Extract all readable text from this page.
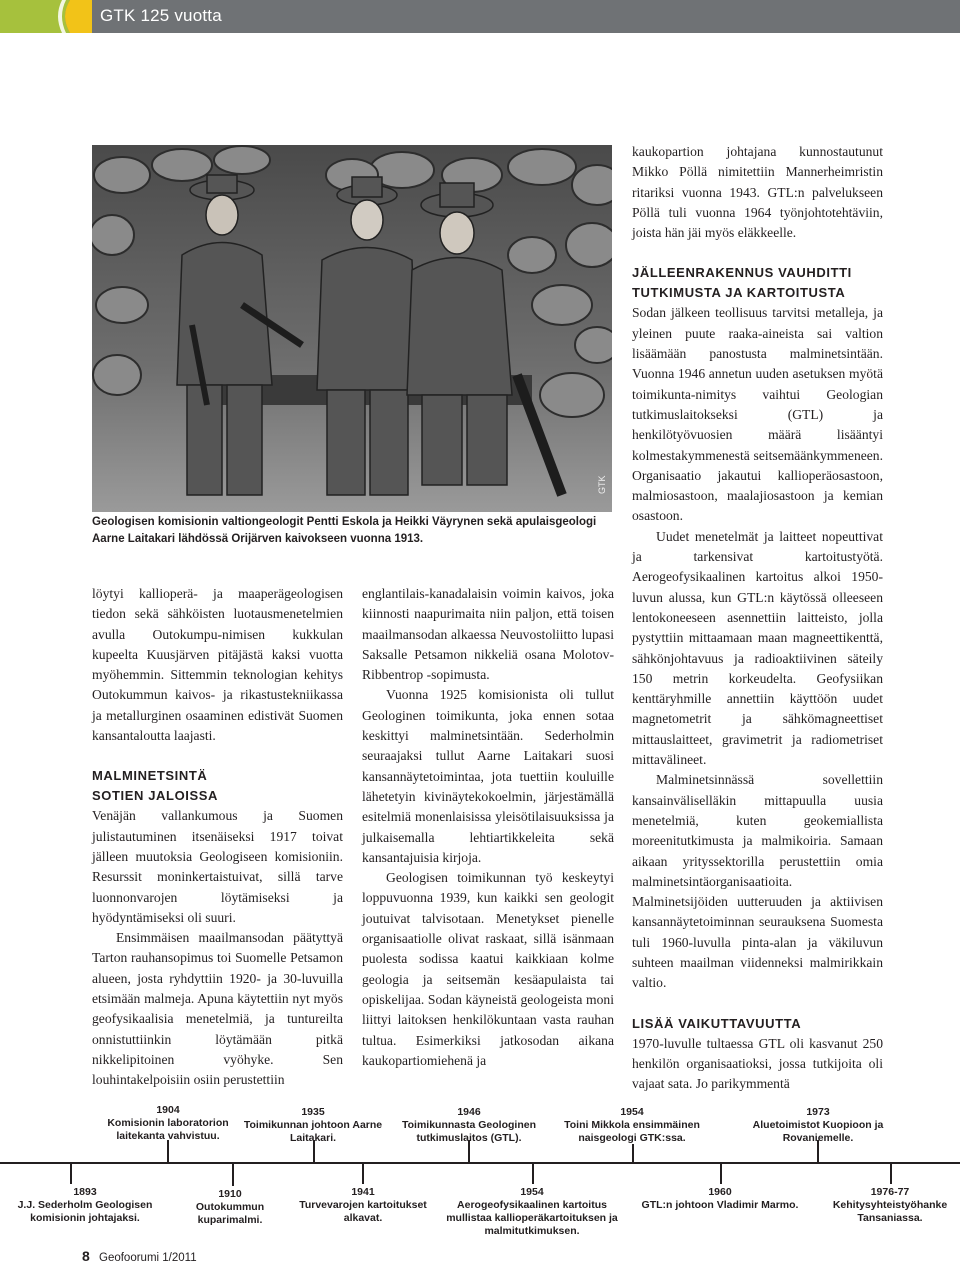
GTK 125 vuotta
GTK
Geologisen komisionin valtiongeologit Pentti Eskola ja Heikki Väyrynen sekä apulaisgeologi Aarne Laitakari lähdössä Orijärven kaivokseen vuonna 1913.

löytyi kallioperä- ja maaperägeologisen tiedon sekä sähköisten luotausmenetelmien avulla Outokumpu-nimisen kukkulan kupeelta Kuusjärven pitäjästä kaksi vuotta myöhemmin. Sittemmin teknologian kehitys Outokummun kaivos- ja rikastustekniikassa ja metallurginen osaaminen edistivät Suomen kansantaloutta laajasti.

MALMINETSINTÄ
SOTIEN JALOISSA

Venäjän vallankumous ja Suomen julistautuminen itsenäiseksi 1917 toivat jälleen muutoksia Geologiseen komisioniin. Resurssit moninkertaistuivat, sillä tarve luonnonvarojen löytämiseksi ja hyödyntämiseksi oli suuri.

Ensimmäisen maailmansodan päätyttyä Tarton rauhansopimus toi Suomelle Petsamon alueen, josta ryhdyttiin 1920- ja 30-luvuilla etsimään malmeja. Apuna käytettiin nyt myös geofysikaalisia menetelmiä, ja tuntureilta onnistuttiinkin löytämään pitkä nikkelipitoinen vyöhyke. Sen louhintakelpoisiin osiin perustettiin

englantilais-kanadalaisin voimin kaivos, joka kiinnosti naapurimaita niin paljon, että toisen maailmansodan alkaessa Neuvostoliitto lupasi Saksalle Petsamon nikkeliä osana Molotov-Ribbentrop -sopimusta.

Vuonna 1925 komisionista oli tullut Geologinen toimikunta, joka ennen sotaa keskittyi malminetsintään. Sederholmin seuraajaksi tullut Aarne Laitakari suosi kansannäytetoimintaa, jota tuettiin kouluille lähetetyin kivinäytekokoelmin, järjestämällä esitelmiä monenlaisissa yleisötilaisuuksissa ja julkaisemalla lehtiartikkeleita sekä kansantajuisia kirjoja.

Geologisen toimikunnan työ keskeytyi loppuvuonna 1939, kun kaikki sen geologit joutuivat talvisotaan. Menetykset pienelle organisaatiolle olivat raskaat, sillä isänmaan puolesta sodissa kaatui kaikkiaan kolme geologia ja seitsemän kesäapulaista tai opiskelijaa. Sodan käyneistä geologeista moni liittyi laitoksen henkilökuntaan vasta rauhan tultua. Esimerkiksi jatkosodan aikana kaukopartiomiehenä ja

kaukopartion johtajana kunnostautunut Mikko Pöllä nimitettiin Mannerheimristin ritariksi vuonna 1943. GTL:n palvelukseen Pöllä tuli vuonna 1964 työnjohtotehtäviin, joista hän jäi myös eläkkeelle.

JÄLLEENRAKENNUS VAUHDITTI
TUTKIMUSTA JA KARTOITUSTA

Sodan jälkeen teollisuus tarvitsi metalleja, ja yleinen puute raaka-aineista sai valtion lisäämään panostusta malminetsintään. Vuonna 1946 annetun uuden asetuksen myötä toimikunta-nimitys vaihtui Geologian tutkimuslaitokseksi (GTL) ja henkilötyövuosien määrä lisääntyi kolmestakymmenestä seitsemäänkymmeneen. Organisaatio jakautui kallioperäosastoon, malmiosastoon, maalajiosastoon ja kemian osastoon.

Uudet menetelmät ja laitteet nopeuttivat ja tarkensivat kartoitustyötä. Aerogeofysikaalinen kartoitus alkoi 1950-luvun alussa, kun GTL:n käytössä olleeseen lentokoneeseen asennettiin laitteisto, jolla pystyttiin mittaamaan maan magneettikenttä, sähkönjohtavuus ja radioaktiivinen säteily 150 metrin korkeudelta. Geofysiikan kenttäryhmille annettiin käyttöön uudet magnetometrit ja sähkömagneettiset mittauslaitteet, gravimetrit ja radiometriset mittavälineet.

Malminetsinnässä sovellettiin kansainväliselläkin mittapuulla uusia menetelmiä, kuten geokemiallista moreenitutkimusta ja malmikoiria. Samaan aikaan yrityssektorilla perustettiin omia malminetsintäorganisaatioita. Malminetsijöiden uutteruuden ja aktiivisen kansannäytetoiminnan seurauksena Suomesta tuli 1960-luvulla pinta-alan ja väkiluvun suhteen maailman viidenneksi malmirikkain valtio.

LISÄÄ VAIKUTTAVUUTTA

1970-luvulle tultaessa GTL oli kasvanut 250 henkilön organisaatioksi, jossa tutkijoita oli vajaat sata. Jo parikymmentä

1904
Komisionin laboratorion laitekanta vahvistuu.
1935
Toimikunnan johtoon Aarne Laitakari.
1946
Toimikunnasta Geologinen tutkimuslaitos (GTL).
1954
Toini Mikkola ensimmäinen naisgeologi GTK:ssa.
1973
Aluetoimistot Kuopioon ja Rovaniemelle.
1893
J.J. Sederholm Geologisen komisionin johtajaksi.
1910
Outokummun kuparimalmi.
1941
Turvevarojen kartoitukset alkavat.
1954
Aerogeofysikaalinen kartoitus mullistaa kallioperäkartoituksen ja malmitutkimuksen.
1960
GTL:n johtoon Vladimir Marmo.
1976-77
Kehitysyhteistyöhanke Tansaniassa.
8 Geofoorumi 1/2011
